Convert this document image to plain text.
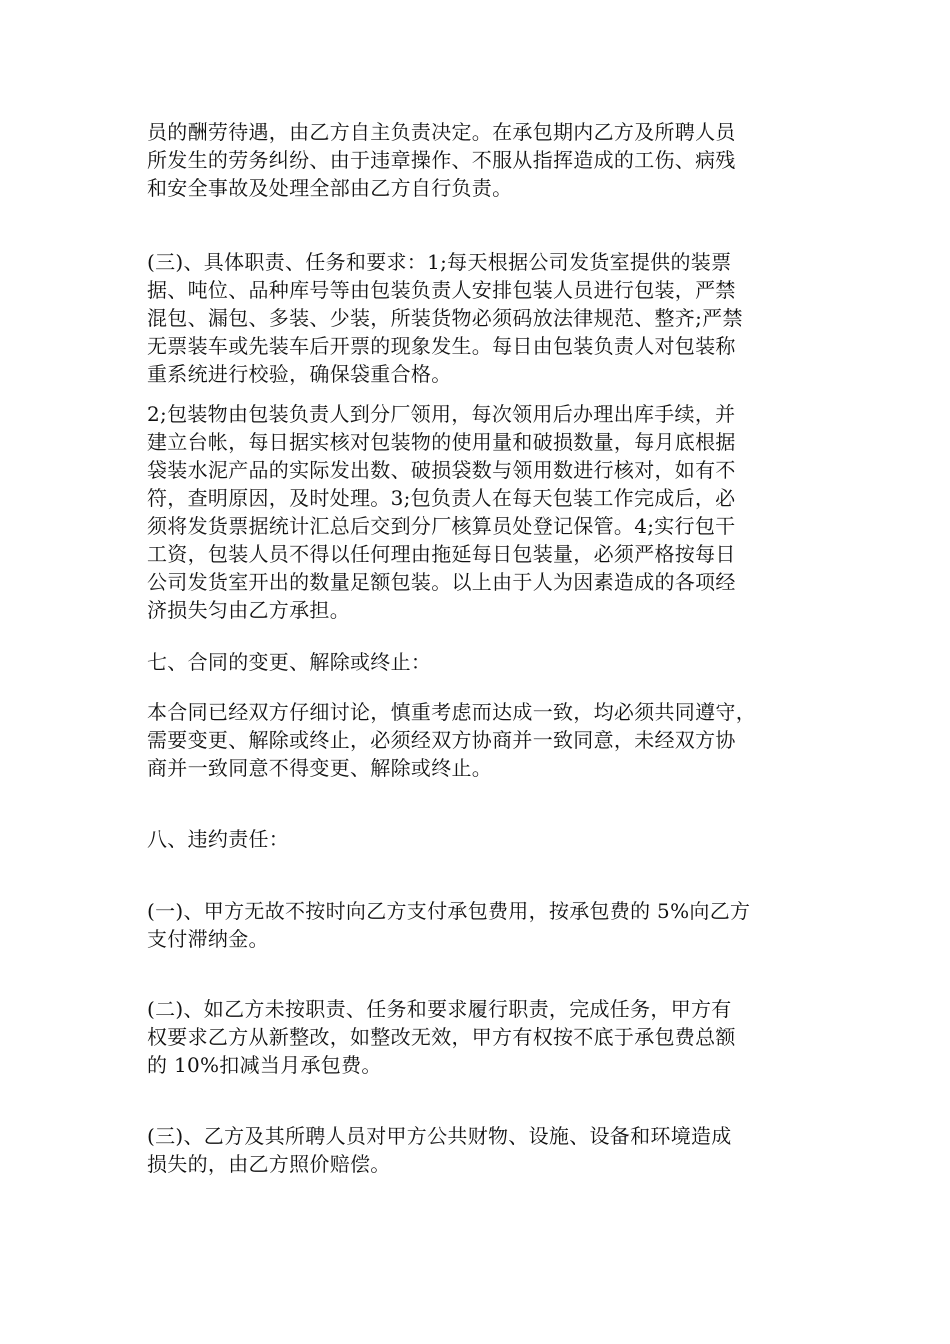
员的酬劳待遇，由乙方自主负责决定。在承包期内乙方及所聘人员
所发生的劳务纠纷、由于违章操作、不服从指挥造成的工伤、病残
和安全事故及处理全部由乙方自行负责。

(三)、具体职责、任务和要求：1;每天根据公司发货室提供的装票
据、吨位、品种库号等由包装负责人安排包装人员进行包装，严禁
混包、漏包、多装、少装，所装货物必须码放法律规范、整齐;严禁
无票装车或先装车后开票的现象发生。每日由包装负责人对包装称
重系统进行校验，确保袋重合格。

2;包装物由包装负责人到分厂领用，每次领用后办理出库手续，并
建立台帐，每日据实核对包装物的使用量和破损数量，每月底根据
袋装水泥产品的实际发出数、破损袋数与领用数进行核对，如有不
符，查明原因，及时处理。3;包负责人在每天包装工作完成后，必
须将发货票据统计汇总后交到分厂核算员处登记保管。4;实行包干
工资，包装人员不得以任何理由拖延每日包装量，必须严格按每日
公司发货室开出的数量足额包装。以上由于人为因素造成的各项经
济损失匀由乙方承担。

七、合同的变更、解除或终止：

本合同已经双方仔细讨论，慎重考虑而达成一致，均必须共同遵守，
需要变更、解除或终止，必须经双方协商并一致同意，未经双方协
商并一致同意不得变更、解除或终止。

八、违约责任：

(一)、甲方无故不按时向乙方支付承包费用，按承包费的 5%向乙方
支付滞纳金。

(二)、如乙方未按职责、任务和要求履行职责，完成任务，甲方有
权要求乙方从新整改，如整改无效，甲方有权按不底于承包费总额
的 10%扣减当月承包费。

(三)、乙方及其所聘人员对甲方公共财物、设施、设备和环境造成
损失的，由乙方照价赔偿。
